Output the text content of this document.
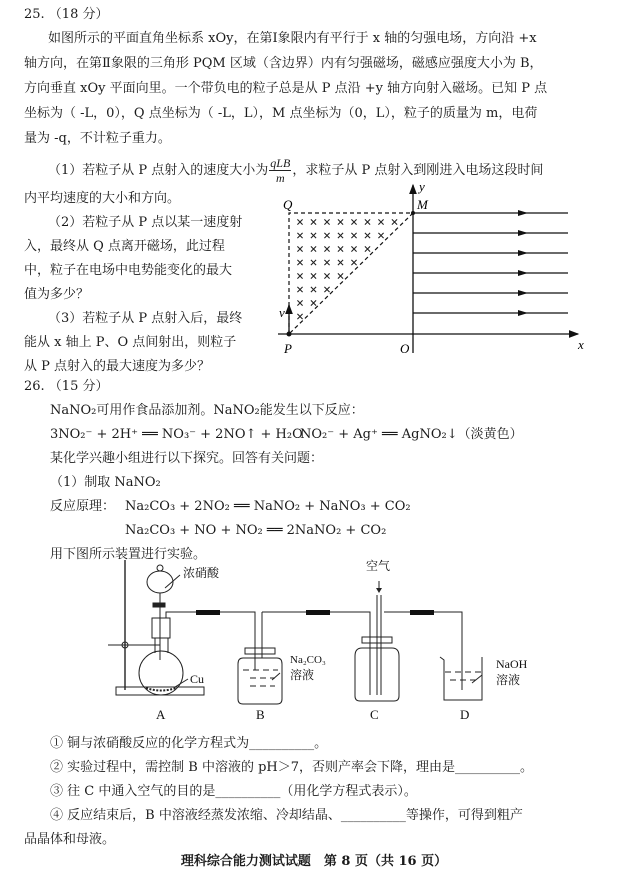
25. （18 分）
如图所示的平面直角坐标系 xOy，在第Ⅰ象限内有平行于 x 轴的匀强电场，方向沿 +x
轴方向，在第Ⅱ象限的三角形 PQM 区域（含边界）内有匀强磁场，磁感应强度大小为 B，
方向垂直 xOy 平面向里。一个带负电的粒子总是从 P 点沿 +y 轴方向射入磁场。已知 P 点
坐标为（ -L，0），Q 点坐标为（ -L，L），M 点坐标为（0，L），粒子的质量为 m，电荷
量为 -q，不计粒子重力。
（1）若粒子从 P 点射入的速度大小为 $\frac{\text{qLB}}{m}$ ，求粒子从 P 点射入到刚进入电场这段时间
内平均速度的大小和方向。
（2）若粒子从 P 点以某一速度射
入，最终从 Q 点离开磁场，此过程
中，粒子在电场中电势能变化的最大
值为多少？
（3）若粒子从 P 点射入后，最终
能从 x 轴上 P、O 点间射出，则粒子
从 P 点射入的最大速度为多少？
Q	M
y
x
P	O
v
26. （15 分）
NaNO₂可用作食品添加剂。NaNO₂能发生以下反应：
3NO₂⁻ + 2H⁺ ══ NO₃⁻ + 2NO↑ + H₂O
NO₂⁻ + Ag⁺ ══ AgNO₂↓（淡黄色）
某化学兴趣小组进行以下探究。回答有关问题：
（1）制取 NaNO₂
反应原理： Na₂CO₃ + 2NO₂ ══ NaNO₂ + NaNO₃ + CO₂
Na₂CO₃ + NO + NO₂ ══ 2NaNO₂ + CO₂
用下图所示装置进行实验。
浓硝酸
Cu
Na₂CO₃
溶液
空气
NaOH
溶液
A	B	C	D
① 铜与浓硝酸反应的化学方程式为__________。
② 实验过程中，需控制 B 中溶液的 pH＞7，否则产率会下降，理由是__________。
③ 往 C 中通入空气的目的是__________（用化学方程式表示）。
④ 反应结束后，B 中溶液经蒸发浓缩、冷却结晶、__________等操作，可得到粗产
品晶体和母液。
理科综合能力测试试题　第 8 页（共 16 页）
